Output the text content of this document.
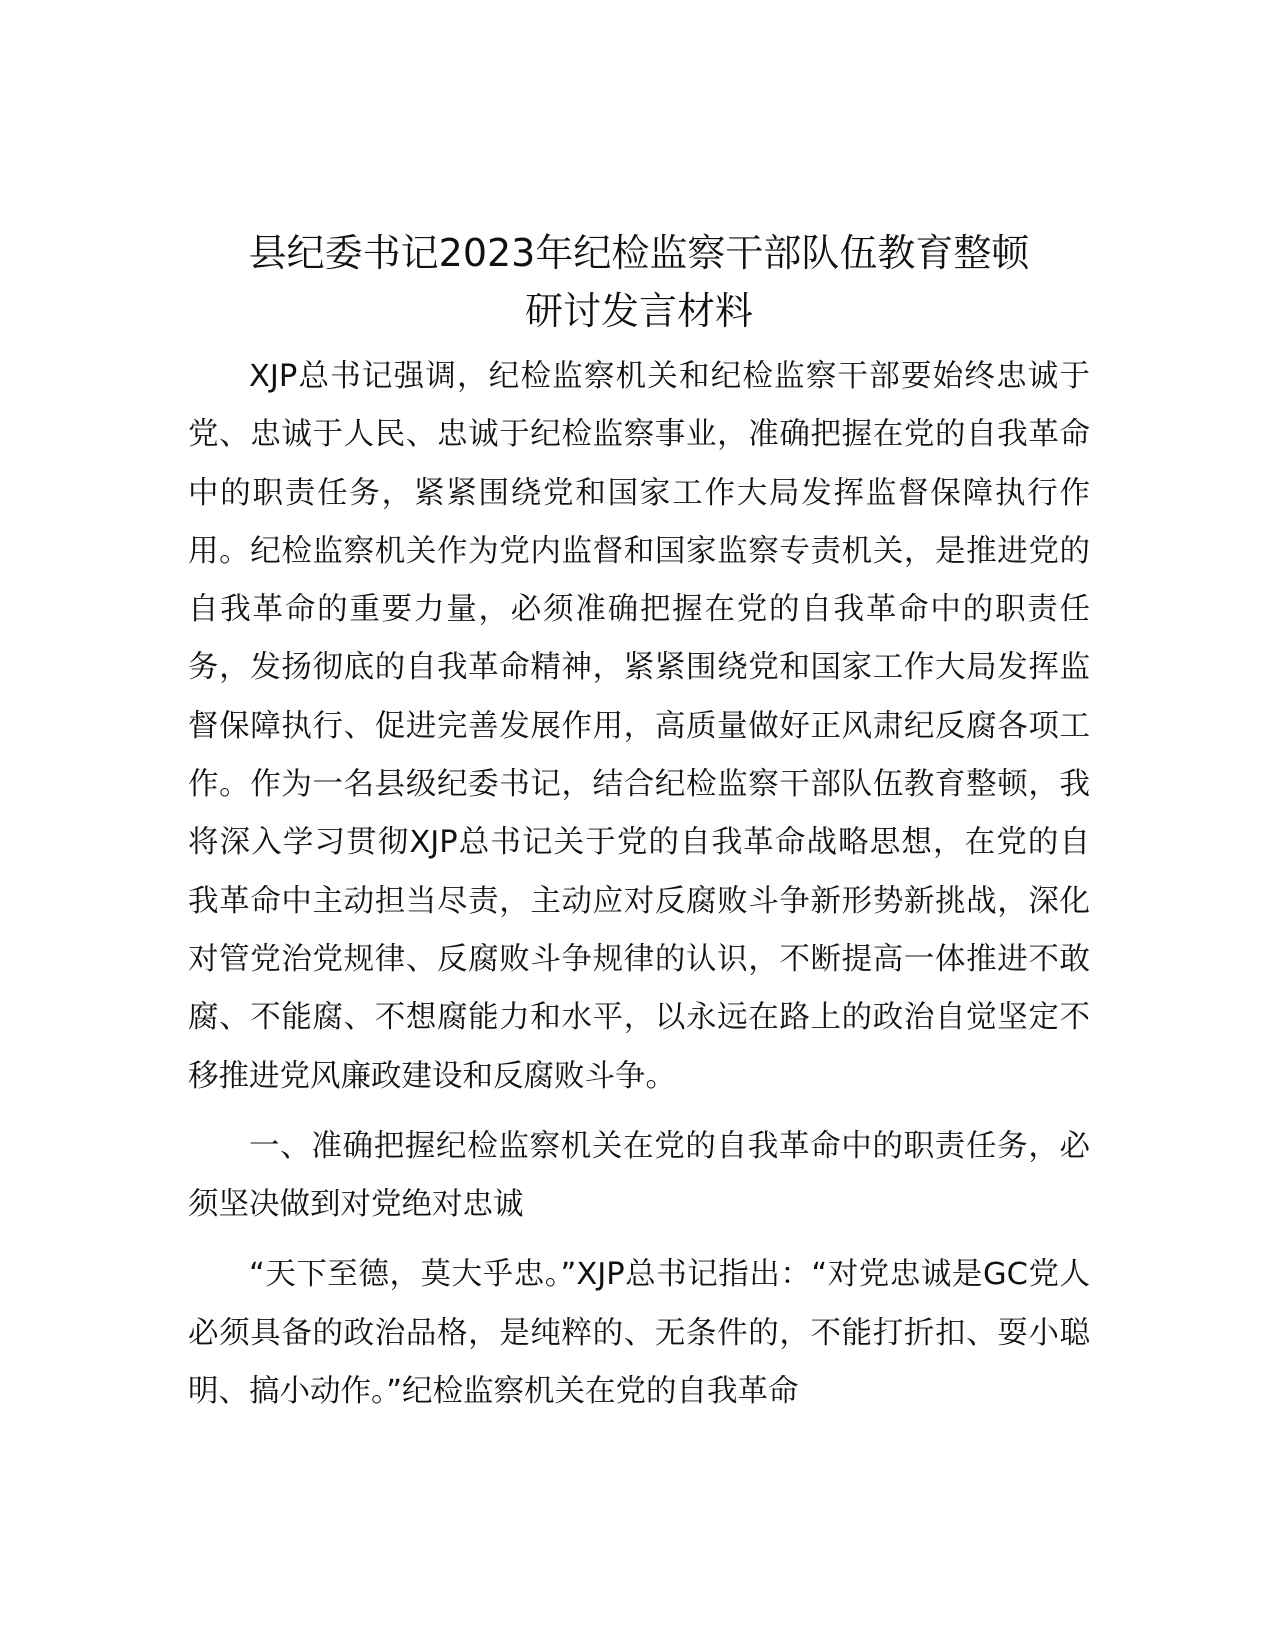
县纪委书记2023年纪检监察干部队伍教育整顿
研讨发言材料

XJP总书记强调，纪检监察机关和纪检监察干部要始终忠诚于党、忠诚于人民、忠诚于纪检监察事业，准确把握在党的自我革命中的职责任务，紧紧围绕党和国家工作大局发挥监督保障执行作用。纪检监察机关作为党内监督和国家监察专责机关，是推进党的自我革命的重要力量，必须准确把握在党的自我革命中的职责任务，发扬彻底的自我革命精神，紧紧围绕党和国家工作大局发挥监督保障执行、促进完善发展作用，高质量做好正风肃纪反腐各项工作。作为一名县级纪委书记，结合纪检监察干部队伍教育整顿，我将深入学习贯彻XJP总书记关于党的自我革命战略思想，在党的自我革命中主动担当尽责，主动应对反腐败斗争新形势新挑战，深化对管党治党规律、反腐败斗争规律的认识，不断提高一体推进不敢腐、不能腐、不想腐能力和水平，以永远在路上的政治自觉坚定不移推进党风廉政建设和反腐败斗争。

一、准确把握纪检监察机关在党的自我革命中的职责任务，必须坚决做到对党绝对忠诚

“天下至德，莫大乎忠。”XJP总书记指出：“对党忠诚是GC党人必须具备的政治品格，是纯粹的、无条件的，不能打折扣、耍小聪明、搞小动作。”纪检监察机关在党的自我革命
